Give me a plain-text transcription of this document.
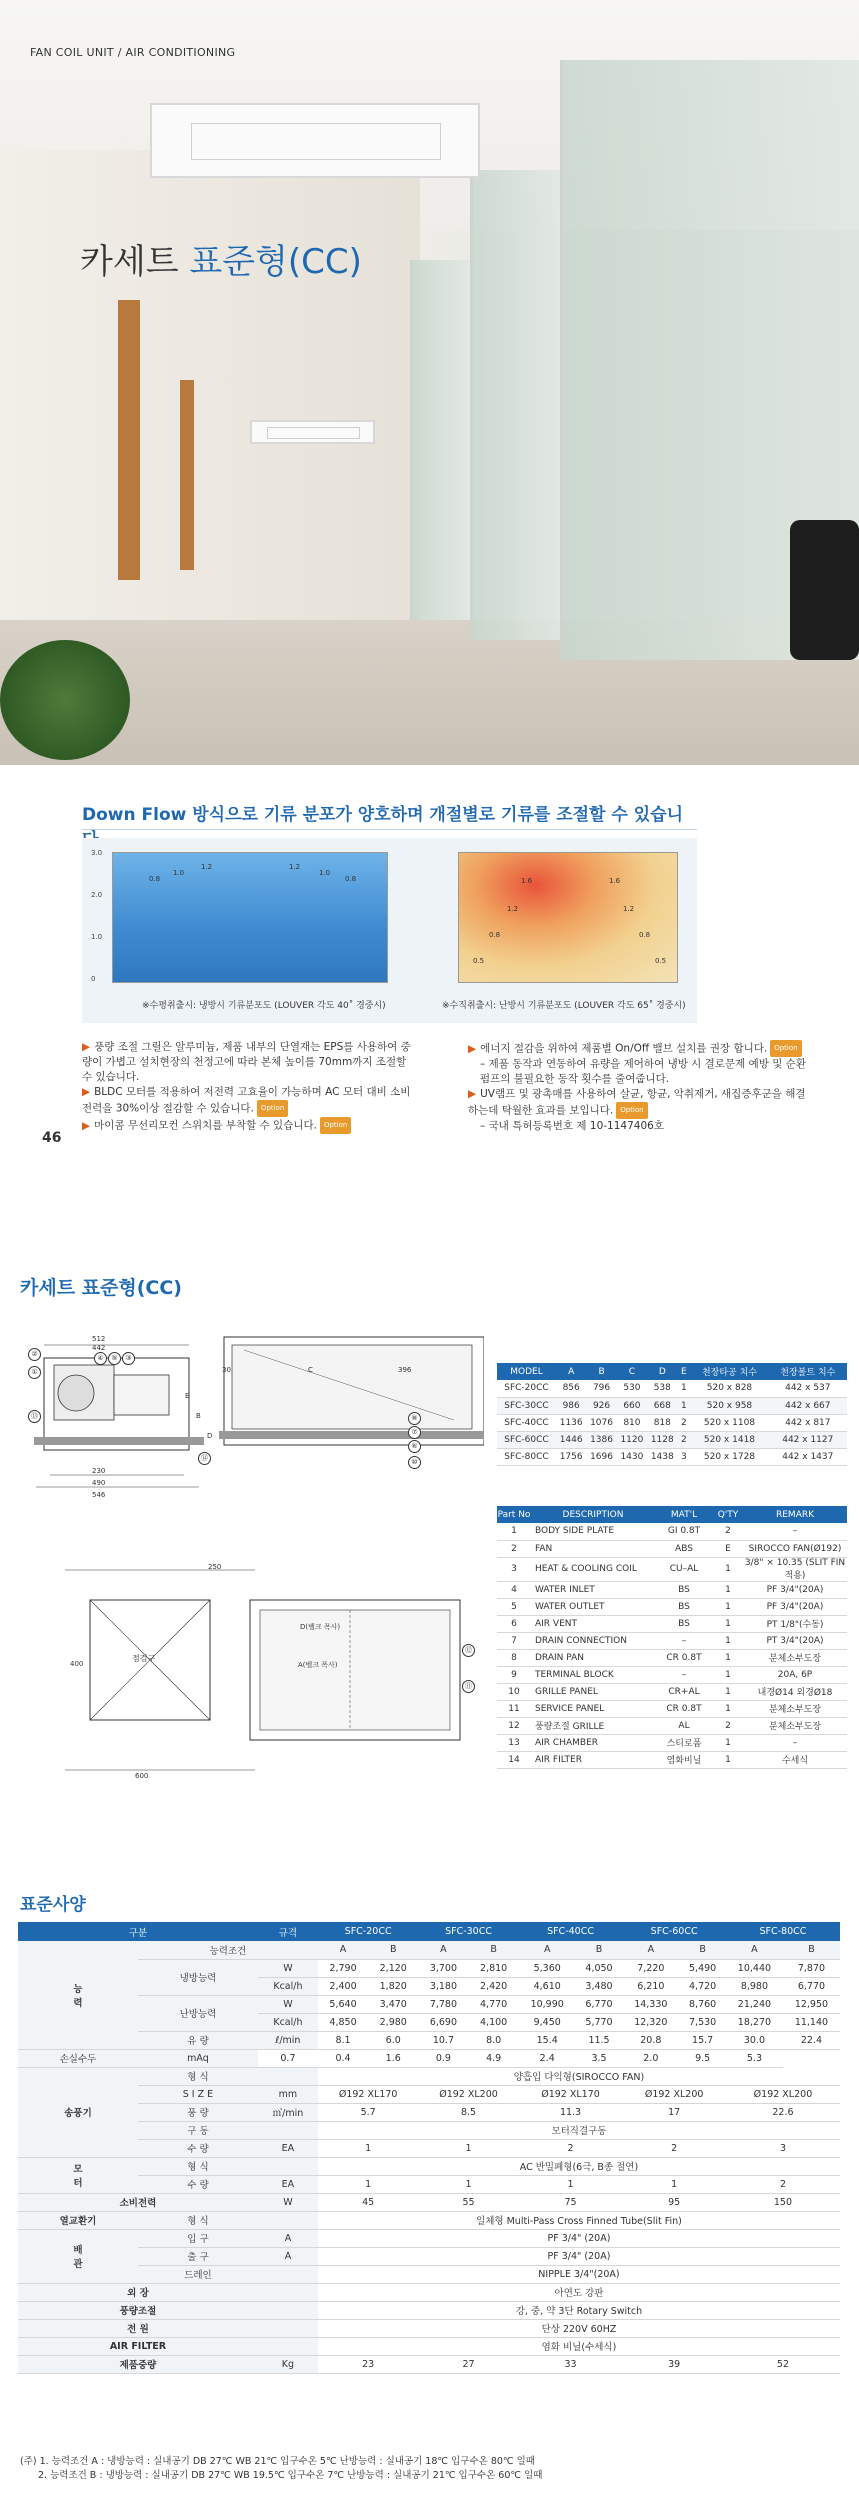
FAN COIL UNIT / AIR CONDITIONING
카세트 표준형(CC)
Down Flow 방식으로 기류 분포가 양호하며 개절별로 기류를 조절할 수 있습니
3.0
2.0
1.0
0
1.2
1.0
0.8
1.2
1.0
0.8	1.6
1.2
1.6
1.2
0.8
0.5
0.8
0.5
※수평취출시: 냉방시 기류분포도 (LOUVER 각도 40˚ 경중시)	※수직취출시: 난방시 기류분포도 (LOUVER 각도 65˚ 경중시)
▶ 풍량 조절 그릴은 알루미늄, 제품 내부의 단열재는 EPS를 사용하여 중량이 가볍고 설치현장의 천정고에 따라 본체 높이를 70mm까지 조절할 수 있습니다.
▶ BLDC 모터를 적용하여 저전력 고효율이 가능하며 AC 모터 대비 소비전력을 30%이상 절감할 수 있습니다. Option
▶ 마이콤 무선리모컨 스위치를 부착할 수 있습니다. Option
▶ 에너지 절감을 위하여 제품별 On/Off 밸브 설치를 권장 합니다. Option
– 제품 동작과 연동하여 유량을 제어하여 냉방 시 결로문제 예방 및 순환펌프의 불필요한 동작 횟수를 줄여줍니다.
▶ UV램프 및 광촉매를 사용하여 살균, 항균, 악취제거, 새집증후군을 해결하는데 탁월한 효과를 보입니다. Option
– 국내 특허등록번호 제 10-1147406호
46
카세트 표준형(CC)
512
442
30	C	396
E
B
D
230
490
546
②
①
⑬
④	⑤	③
⑭
⑧
⑦
⑥
⑩
250
점검구
400
600
D(벨크 폭사)
A(벨크 폭사)
⑫
⑪
MODEL	A	B	C	D	E	천장타공 치수	천장볼트 치수
SFC-20CC	856	796	530	538	1	520 x 828	442 x 537
SFC-30CC	986	926	660	668	1	520 x 958	442 x 667
SFC-40CC	1136	1076	810	818	2	520 x 1108	442 x 817
SFC-60CC	1446	1386	1120	1128	2	520 x 1418	442 x 1127
SFC-80CC	1756	1696	1430	1438	3	520 x 1728	442 x 1437
Part No	DESCRIPTION	MAT'L	Q'TY	REMARK
1	BODY SIDE PLATE	GI 0.8T	2	–
2	FAN	ABS	E	SIROCCO FAN(Ø192)
3	HEAT & COOLING COIL	CU–AL	1	3/8" × 10.35 (SLIT FIN 적용)
4	WATER INLET	BS	1	PF 3/4"(20A)
5	WATER OUTLET	BS	1	PF 3/4"(20A)
6	AIR VENT	BS	1	PT 1/8"(수동)
7	DRAIN CONNECTION	–	1	PT 3/4"(20A)
8	DRAIN PAN	CR 0.8T	1	분체소부도장
9	TERMINAL BLOCK	–	1	20A, 6P
10	GRILLE PANEL	CR+AL	1	내경Ø14 외경Ø18
11	SERVICE PANEL	CR 0.8T	1	분체소부도장
12	풍량조절 GRILLE	AL	2	분체소부도장
13	AIR CHAMBER	스티로폼	1	–
14	AIR FILTER	염화비닐	1	수세식
표준사양
구분		규격	SFC-20CC		SFC-30CC		SFC-40CC		SFC-60CC		SFC-80CC	
능
력	능력조건		A	B	A	B	A	B	A	B	A	B
	냉방능력	W	2,790	2,120	3,700	2,810	5,360	4,050	7,220	5,490	10,440	7,870
		Kcal/h	2,400	1,820	3,180	2,420	4,610	3,480	6,210	4,720	8,980	6,770
	난방능력	W	5,640	3,470	7,780	4,770	10,990	6,770	14,330	8,760	21,240	12,950
		Kcal/h	4,850	2,980	6,690	4,100	9,450	5,770	12,320	7,530	18,270	11,140
	유 량	ℓ/min	8.1	6.0	10.7	8.0	15.4	11.5	20.8	15.7	30.0	22.4
손실수두	mAq	0.7	0.4	1.6	0.9	4.9	2.4	3.5	2.0	9.5	5.3	
송풍기	형 식		양흡입 다익형(SIROCCO FAN)									
	S I Z E	mm	Ø192 XL170		Ø192 XL200		Ø192 XL170		Ø192 XL200		Ø192 XL200	
	풍 량	㎥/min	5.7		8.5		11.3		17		22.6	
	구 동		모터직결구동									
	수 량	EA	1		1		2		2		3	
모
터	형 식		AC 반밀폐형(6극, B종 절연)									
	수 량	EA	1		1		1		1		2	
소비전력		W	45		55		75		95		150	
열교환기	형 식		일체형 Multi-Pass Cross Finned Tube(Slit Fin)									
배
관	입 구	A	PF 3/4" (20A)									
	출 구	A	PF 3/4" (20A)									
	드레인		NIPPLE 3/4"(20A)									
외 장			아연도 강판									
풍량조절			강, 중, 약 3단 Rotary Switch									
전 원			단상 220V 60HZ									
AIR FILTER			염화 비닐(수세식)									
제품중량		Kg	23		27		33		39		52	
(주) 1. 능력조건 A : 냉방능력 : 실내공기 DB 27℃ WB 21℃ 입구수온 5℃ 난방능력 : 실내공기 18℃ 입구수온 80℃ 일때
2. 능력조건 B : 냉방능력 : 실내공기 DB 27℃ WB 19.5℃ 입구수온 7℃ 난방능력 : 실내공기 21℃ 입구수온 60℃ 일때
